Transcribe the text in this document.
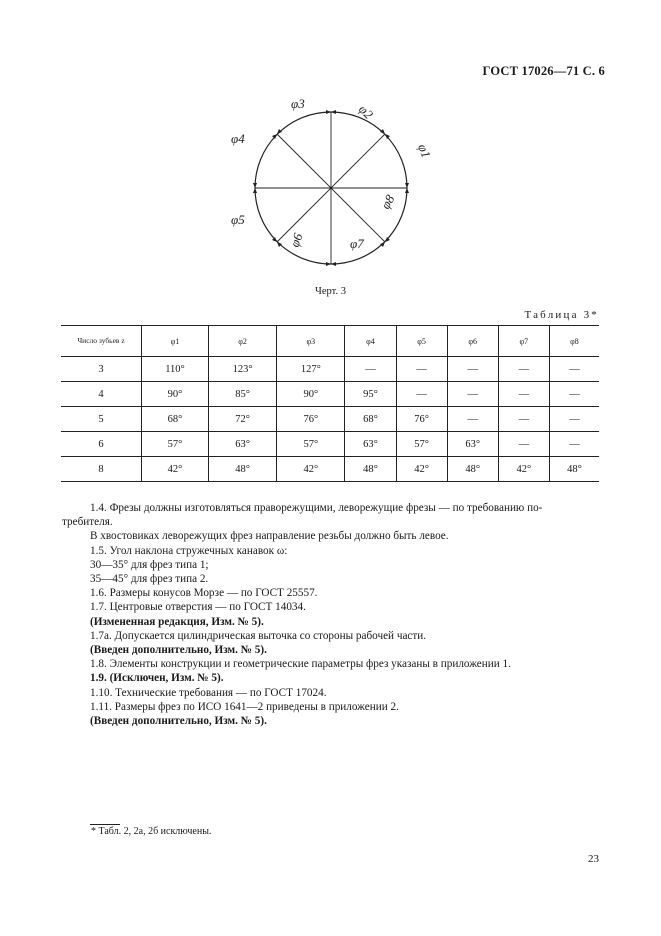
ГОСТ 17026—71 С. 6
φ1
φ2
φ3
φ4
φ5
φ6	φ7
φ8
Черт. 3
Таблица 3*
Число зубьев z	φ1	φ2	φ3	φ4	φ5	φ6	φ7	φ8
3	110°	123°	127°	—	—	—	—	—
4	90°	85°	90°	95°	—	—	—	—
5	68°	72°	76°	68°	76°	—	—	—
6	57°	63°	57°	63°	57°	63°	—	—
8	42°	48°	42°	48°	42°	48°	42°	48°

1.4. Фрезы должны изготовляться праворежущими, леворежущие фрезы — по требованию по-

требителя.

В хвостовиках леворежущих фрез направление резьбы должно быть левое.

1.5. Угол наклона стружечных канавок ω:

30—35° для фрез типа 1;

35—45° для фрез типа 2.

1.6. Размеры конусов Морзе — по ГОСТ 25557.

1.7. Центровые отверстия — по ГОСТ 14034.

(Измененная редакция, Изм. № 5).

1.7а. Допускается цилиндрическая выточка со стороны рабочей части.

(Введен дополнительно, Изм. № 5).

1.8. Элементы конструкции и геометрические параметры фрез указаны в приложении 1.

1.9. (Исключен, Изм. № 5).

1.10. Технические требования — по ГОСТ 17024.

1.11. Размеры фрез по ИСО 1641—2 приведены в приложении 2.

(Введен дополнительно, Изм. № 5).

* Табл. 2, 2а, 2б исключены.
23
